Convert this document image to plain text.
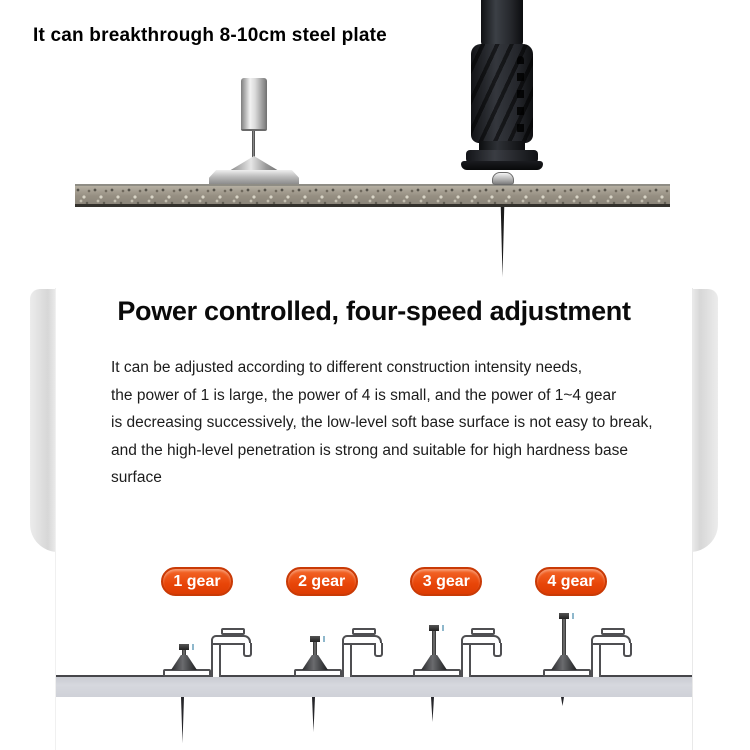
It can breakthrough 8-10cm steel plate
Power controlled, four-speed adjustment

It can be adjusted according to different construction intensity needs,

the power of 1 is large, the power of 4 is small, and the power of 1~4 gear

is decreasing successively, the low-level soft base surface is not easy to break,

and the high-level penetration is strong and suitable for high hardness base surface

1 gear	2 gear	3 gear	4 gear
